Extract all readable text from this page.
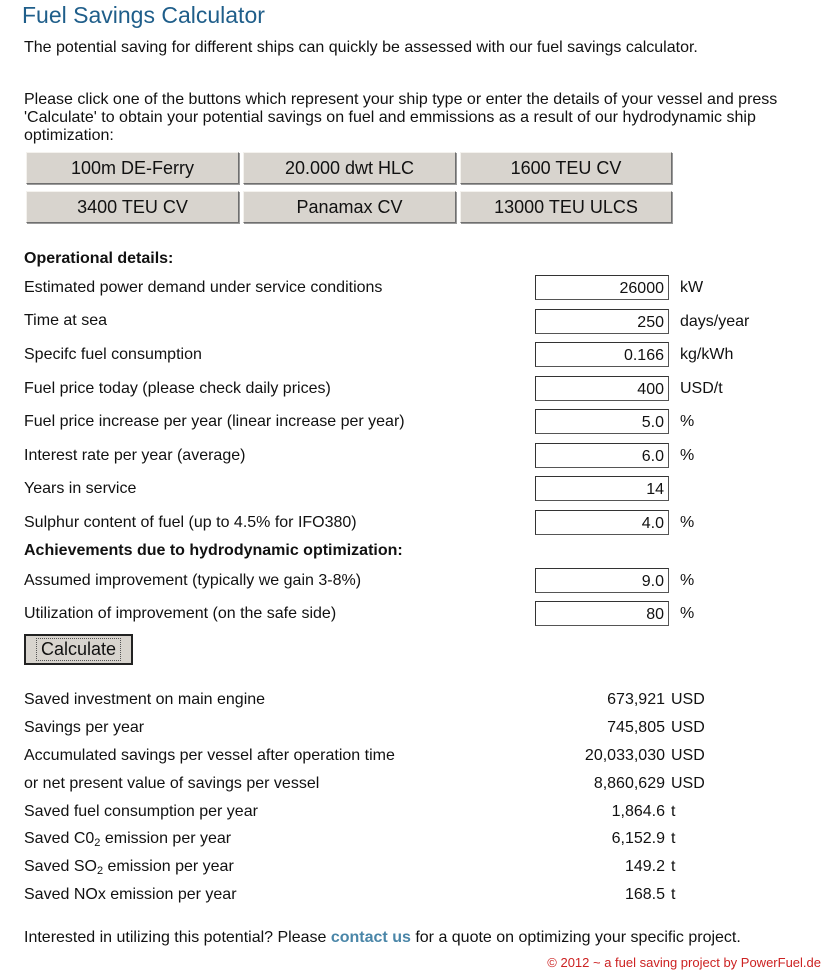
Fuel Savings Calculator
The potential saving for different ships can quickly be assessed with our fuel savings calculator.
Please click one of the buttons which represent your ship type or enter the details of your vessel and press 'Calculate' to obtain your potential savings on fuel and emmissions as a result of our hydrodynamic ship optimization:
100m DE-Ferry	20.000 dwt HLC	1600 TEU CV
3400 TEU CV	Panamax CV	13000 TEU ULCS
Operational details:
Estimated power demand under service conditions
26000	kW
Time at sea
250	days/year
Specifc fuel consumption
0.166	kg/kWh
Fuel price today (please check daily prices)
400	USD/t
Fuel price increase per year (linear increase per year)
5.0	%
Interest rate per year (average)
6.0	%
Years in service
14
Sulphur content of fuel (up to 4.5% for IFO380)
4.0	%
Achievements due to hydrodynamic optimization:
Assumed improvement (typically we gain 3-8%)
9.0	%
Utilization of improvement (on the safe side)
80	%
Calculate
Saved investment on main engine	673,921 USD
Savings per year	745,805 USD
Accumulated savings per vessel after operation time	20,033,030 USD
or net present value of savings per vessel	8,860,629 USD
Saved fuel consumption per year	1,864.6 t
Saved $C0_2$ emission per year	6,152.9 t
Saved $SO_2$ emission per year	149.2 t
Saved NOx emission per year	168.5 t
Interested in utilizing this potential? Please contact us for a quote on optimizing your specific project.
© 2012 ~ a fuel saving project by PowerFuel.de
